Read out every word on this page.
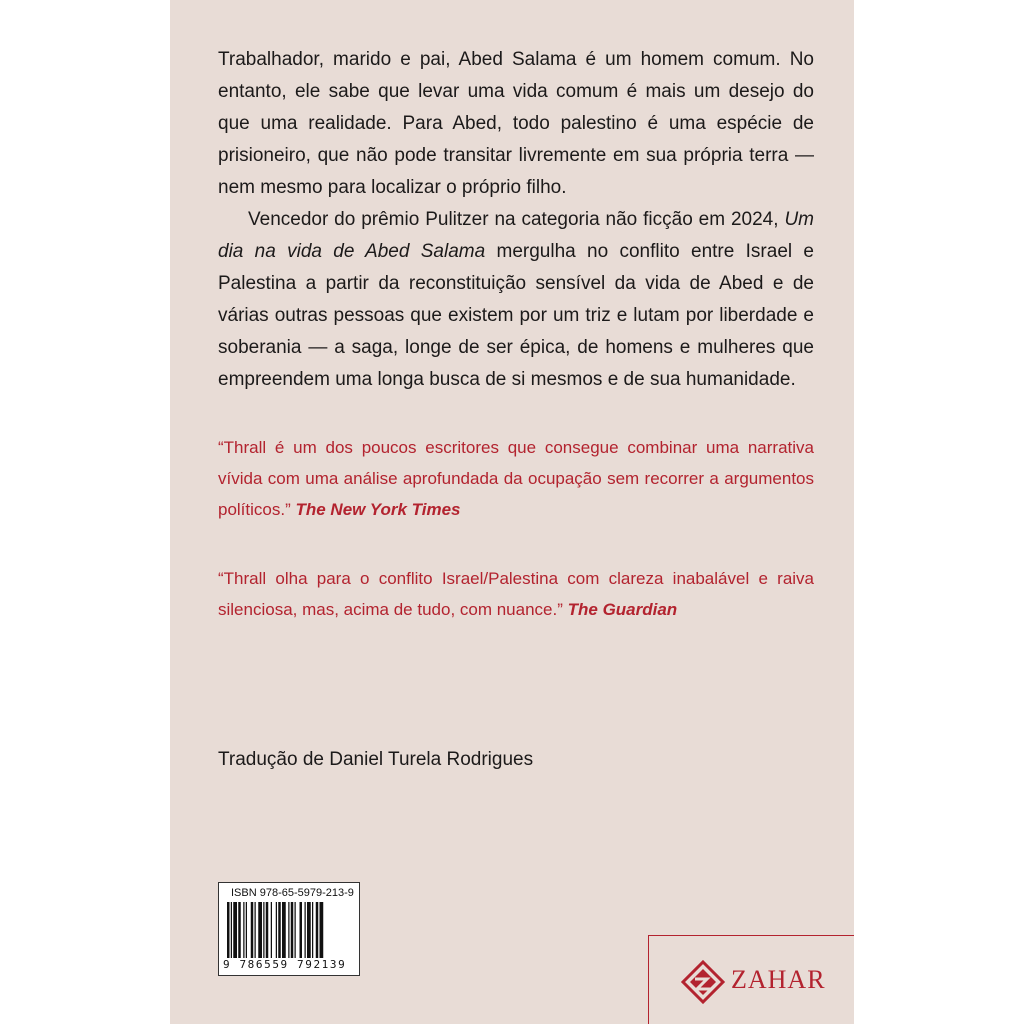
Trabalhador, marido e pai, Abed Salama é um homem comum. No entanto, ele sabe que levar uma vida comum é mais um desejo do que uma realidade. Para Abed, todo palestino é uma espécie de prisioneiro, que não pode transitar livremente em sua própria terra — nem mesmo para localizar o próprio filho.

Vencedor do prêmio Pulitzer na categoria não ficção em 2024, Um dia na vida de Abed Salama mergulha no conflito entre Israel e Palestina a partir da reconstituição sensível da vida de Abed e de várias outras pessoas que existem por um triz e lutam por liberdade e soberania — a saga, longe de ser épica, de homens e mulheres que empreendem uma longa busca de si mesmos e de sua humanidade.

“Thrall é um dos poucos escritores que consegue combinar uma narrativa vívida com uma análise aprofundada da ocupação sem recorrer a argumentos políticos.” The New York Times

“Thrall olha para o conflito Israel/Palestina com clareza inabalável e raiva silenciosa, mas, acima de tudo, com nuance.” The Guardian

Tradução de Daniel Turela Rodrigues

ISBN 978-65-5979-213-9
9 786559 792139
ZAHAR
